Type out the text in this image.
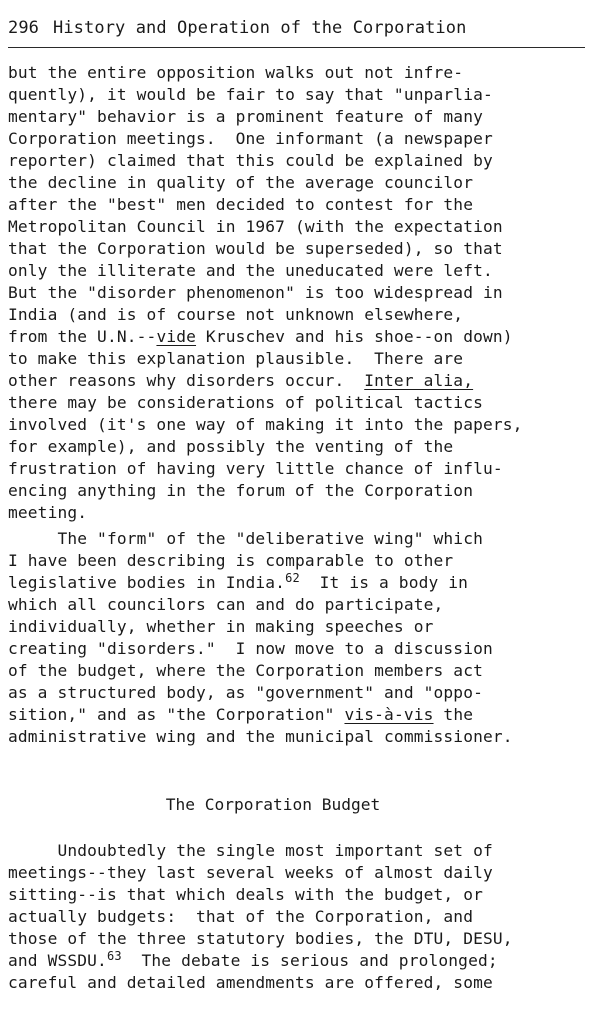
296 History and Operation of the Corporation
but the entire opposition walks out not infre-
quently), it would be fair to say that "unparlia-
mentary" behavior is a prominent feature of many
Corporation meetings.  One informant (a newspaper
reporter) claimed that this could be explained by
the decline in quality of the average councilor
after the "best" men decided to contest for the
Metropolitan Council in 1967 (with the expectation
that the Corporation would be superseded), so that
only the illiterate and the uneducated were left.
But the "disorder phenomenon" is too widespread in
India (and is of course not unknown elsewhere,
from the U.N.--vide Kruschev and his shoe--on down)
to make this explanation plausible.  There are
other reasons why disorders occur.  Inter alia,
there may be considerations of political tactics
involved (it's one way of making it into the papers,
for example), and possibly the venting of the
frustration of having very little chance of influ-
encing anything in the forum of the Corporation
meeting.
The "form" of the "deliberative wing" which
I have been describing is comparable to other
legislative bodies in India.$^{62}$  It is a body in
which all councilors can and do participate,
individually, whether in making speeches or
creating "disorders."  I now move to a discussion
of the budget, where the Corporation members act
as a structured body, as "government" and "oppo-
sition," and as "the Corporation" vis-à-vis the
administrative wing and the municipal commissioner.
The Corporation Budget
Undoubtedly the single most important set of
meetings--they last several weeks of almost daily
sitting--is that which deals with the budget, or
actually budgets:  that of the Corporation, and
those of the three statutory bodies, the DTU, DESU,
and WSSDU.$^{63}$  The debate is serious and prolonged;
careful and detailed amendments are offered, some
